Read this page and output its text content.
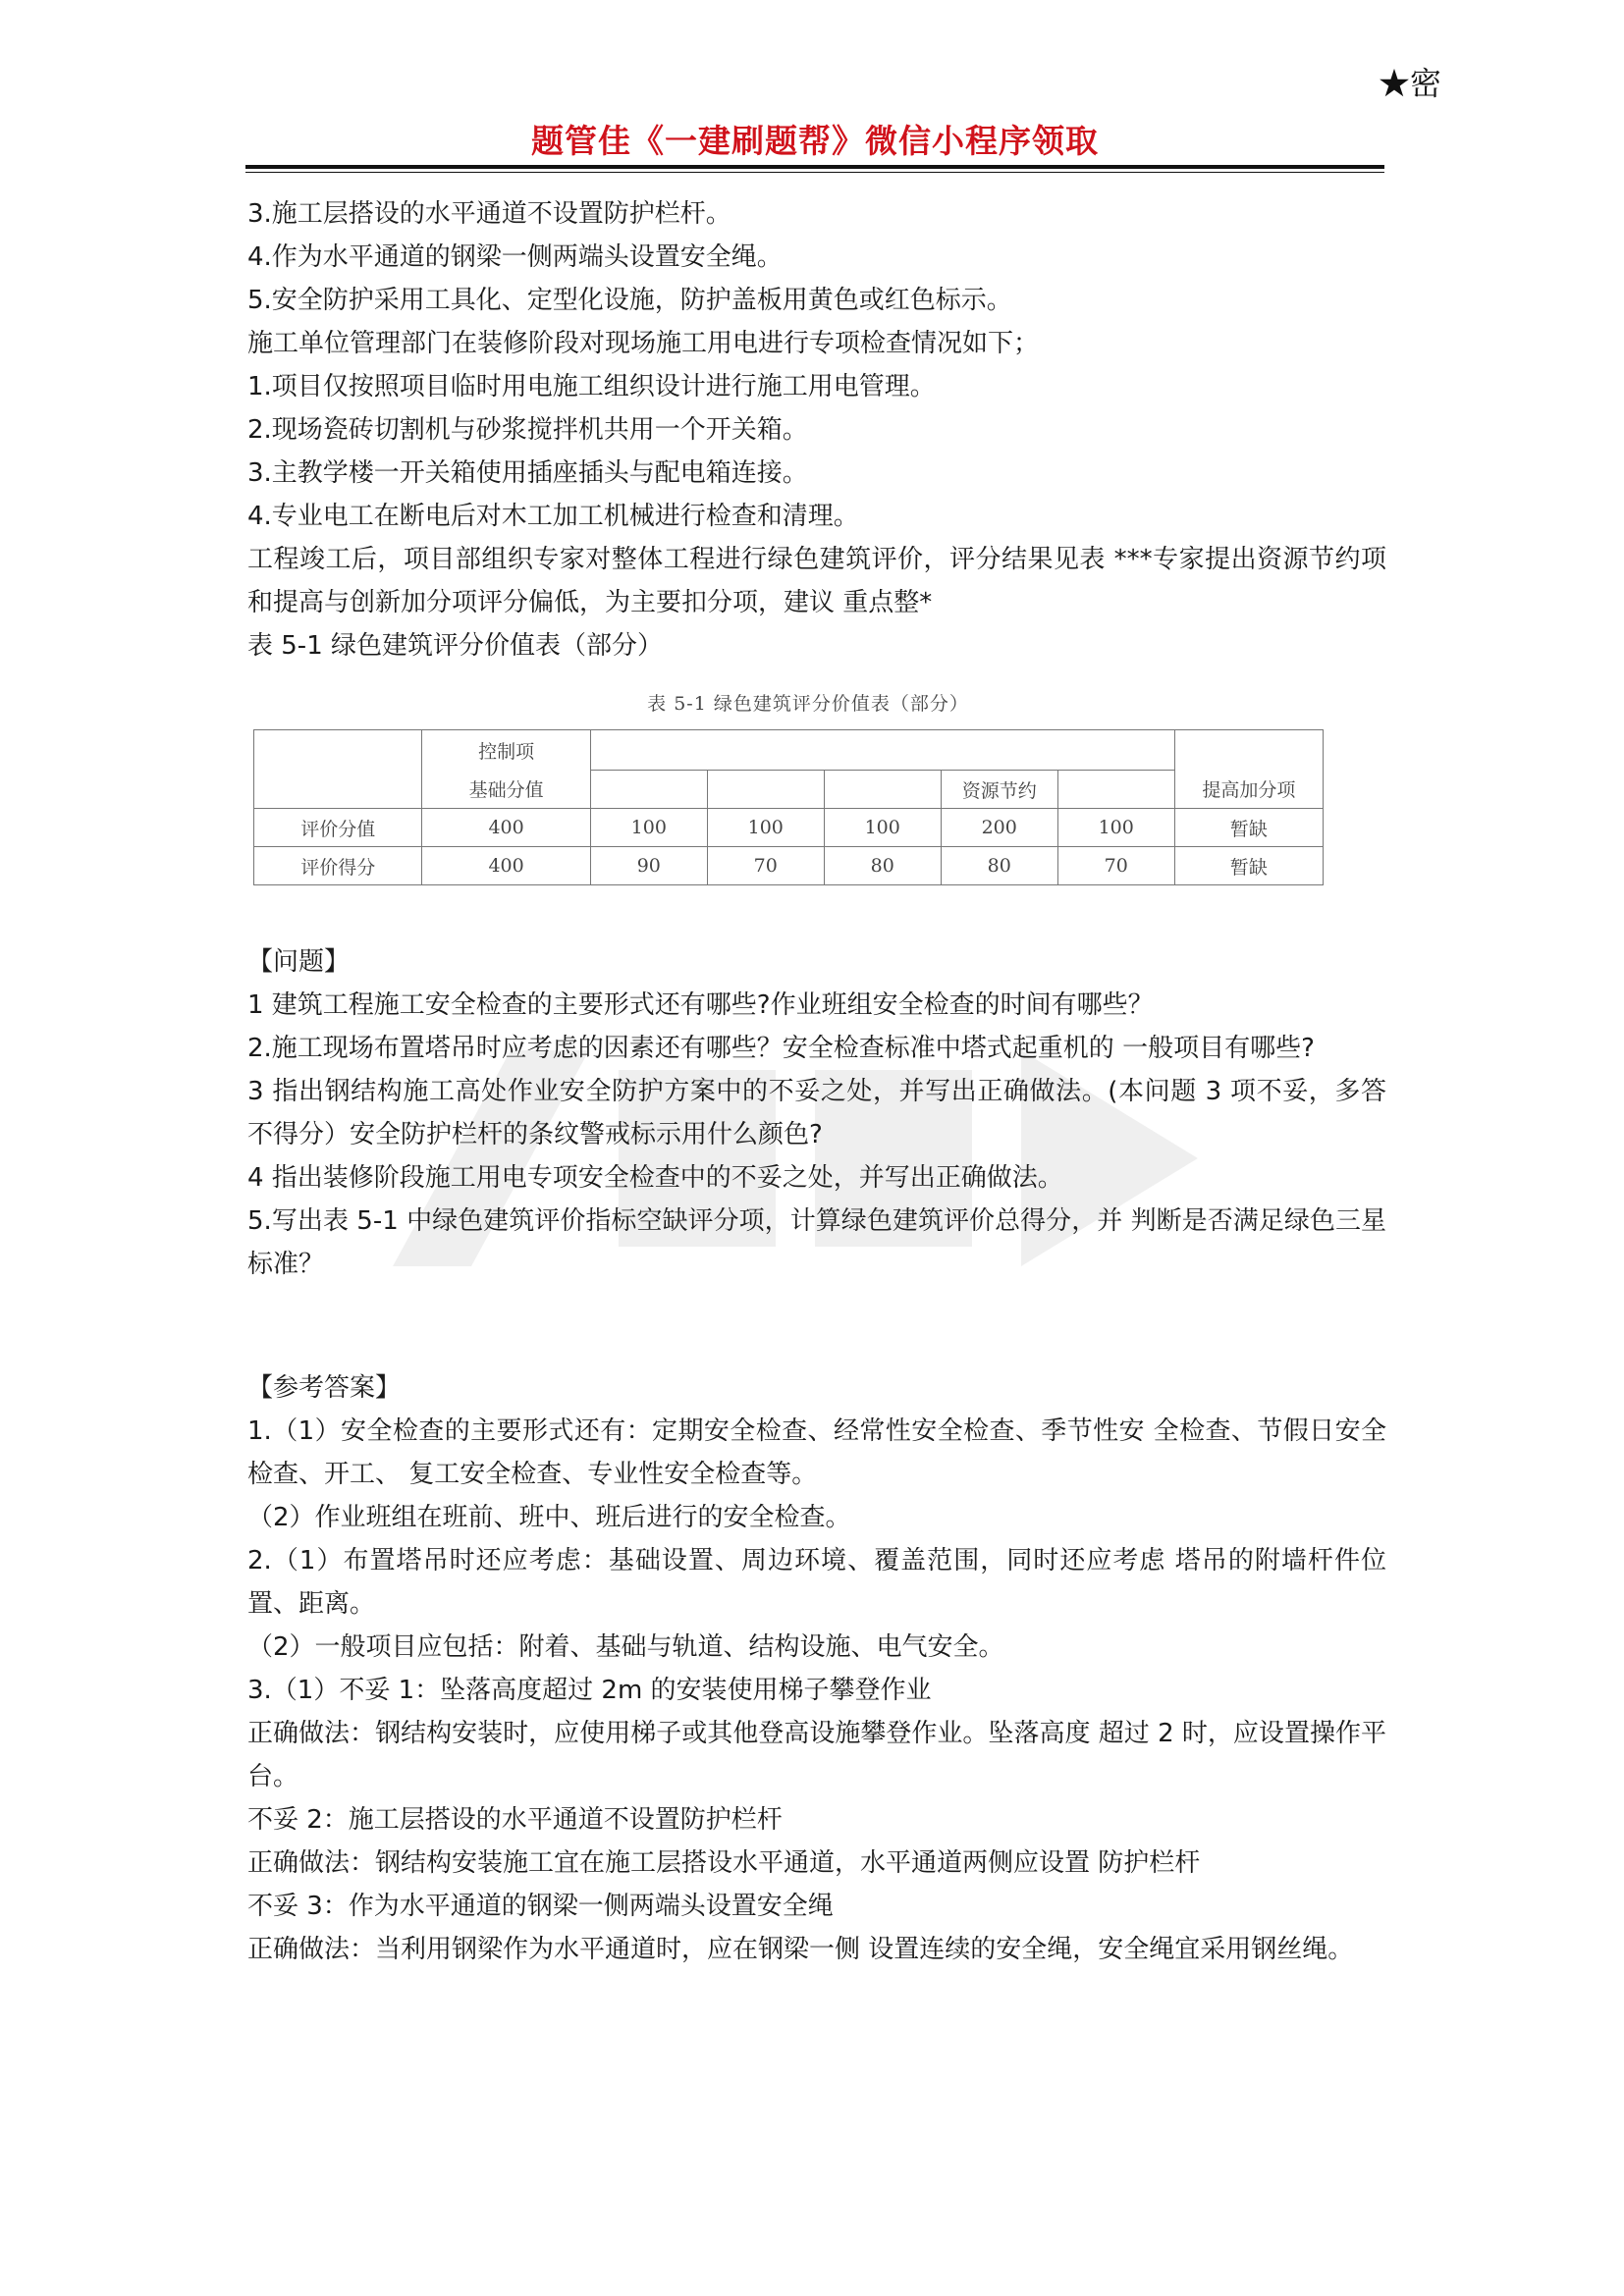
★密
题管佳《一建刷题帮》微信小程序领取
3.施工层搭设的水平通道不设置防护栏杆。
4.作为水平通道的钢梁一侧两端头设置安全绳。
5.安全防护采用工具化、定型化设施，防护盖板用黄色或红色标示。
施工单位管理部门在装修阶段对现场施工用电进行专项检查情况如下；
1.项目仅按照项目临时用电施工组织设计进行施工用电管理。
2.现场瓷砖切割机与砂浆搅拌机共用一个开关箱。
3.主教学楼一开关箱使用插座插头与配电箱连接。
4.专业电工在断电后对木工加工机械进行检查和清理。
工程竣工后，项目部组织专家对整体工程进行绿色建筑评价，评分结果见表 ***专家提出资源节约项和提高与创新加分项评分偏低，为主要扣分项，建议 重点整*
表 5-1 绿色建筑评分价值表（部分）
表 5-1 绿色建筑评分价值表（部分）
	控制项						
	基础分值				资源节约		提高加分项
评价分值	400	100	100	100	200	100	暂缺
评价得分	400	90	70	80	80	70	暂缺
【问题】
1 建筑工程施工安全检查的主要形式还有哪些?作业班组安全检查的时间有哪些？
2.施工现场布置塔吊时应考虑的因素还有哪些？安全检查标准中塔式起重机的 一般项目有哪些?
3 指出钢结构施工高处作业安全防护方案中的不妥之处，并写出正确做法。(本问题 3 项不妥，多答不得分）安全防护栏杆的条纹警戒标示用什么颜色?
4 指出装修阶段施工用电专项安全检查中的不妥之处，并写出正确做法。
5.写出表 5-1 中绿色建筑评价指标空缺评分项，计算绿色建筑评价总得分，并 判断是否满足绿色三星标准？
【参考答案】
1.（1）安全检查的主要形式还有：定期安全检查、经常性安全检查、季节性安 全检查、节假日安全检查、开工、 复工安全检查、专业性安全检查等。
（2）作业班组在班前、班中、班后进行的安全检查。
2.（1）布置塔吊时还应考虑：基础设置、周边环境、覆盖范围，同时还应考虑 塔吊的附墙杆件位置、距离。
（2）一般项目应包括：附着、基础与轨道、结构设施、电气安全。
3.（1）不妥 1：坠落高度超过 2m 的安装使用梯子攀登作业
正确做法：钢结构安装时，应使用梯子或其他登高设施攀登作业。坠落高度 超过 2 时，应设置操作平台。
不妥 2：施工层搭设的水平通道不设置防护栏杆
正确做法：钢结构安装施工宜在施工层搭设水平通道，水平通道两侧应设置 防护栏杆
不妥 3：作为水平通道的钢梁一侧两端头设置安全绳
正确做法：当利用钢梁作为水平通道时，应在钢梁一侧 设置连续的安全绳，安全绳宜采用钢丝绳。
